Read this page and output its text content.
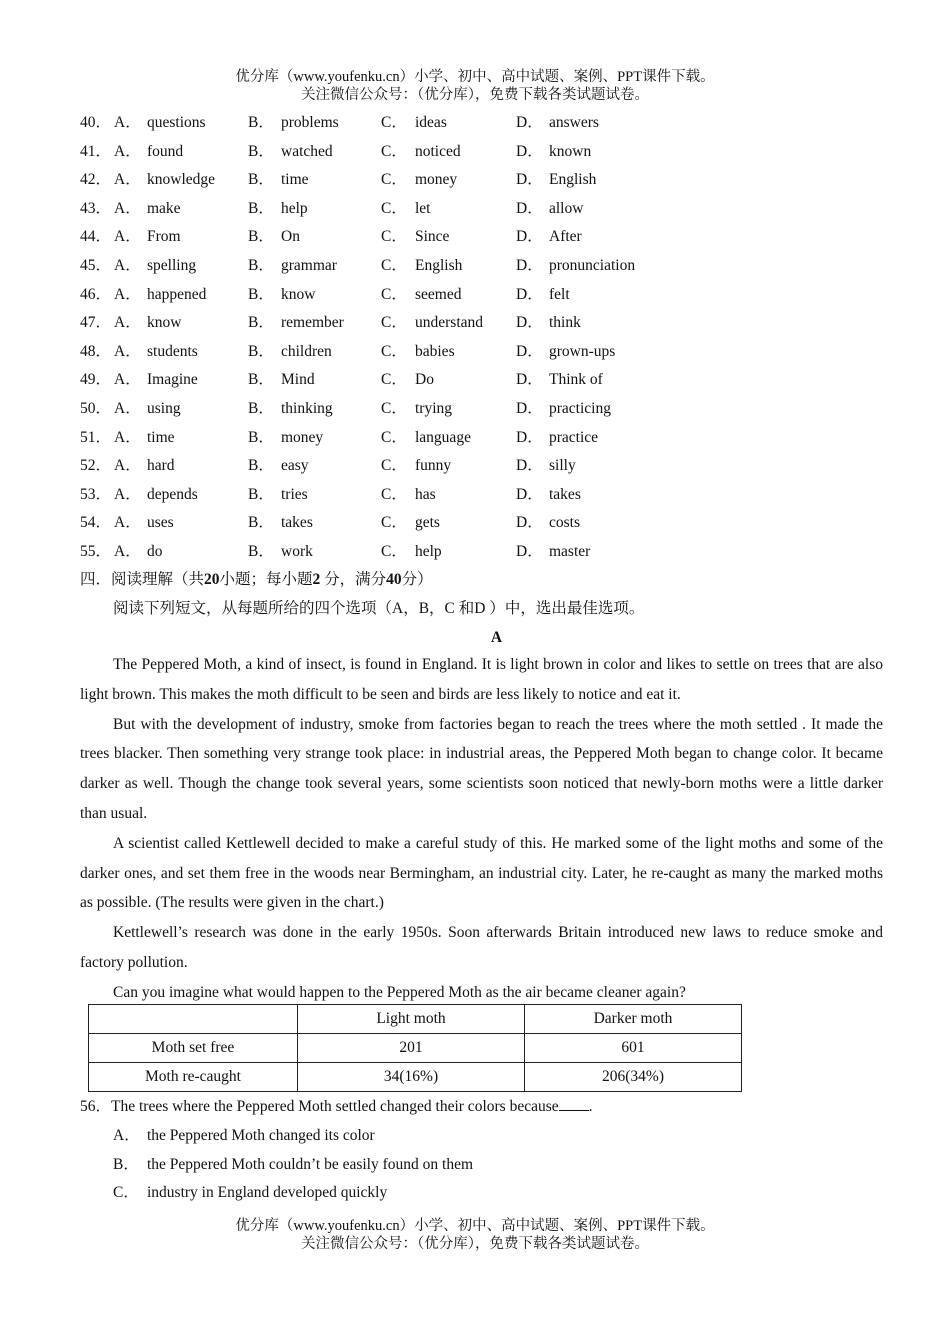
优分库（www.youfenku.cn）小学、初中、高中试题、案例、PPT课件下载。
关注微信公众号：（优分库），免费下载各类试题试卷。
40． A． questions	B． problems	C． ideas	D． answers
41． A． found	B． watched	C． noticed	D． known
42． A． knowledge B． time	C． money	D． English
43． A． make	B． help	C． let	D． allow
44． A． From	B． On	C． Since	D． After
45． A． spelling	B． grammar	C． English	D． pronunciation
46． A． happened	B． know	C． seemed	D． felt
47． A． know	B． remember C． understand D． think
48． A． students	B． children	C． babies	D． grown-ups
49． A． Imagine	B． Mind	C． Do	D． Think of
50． A． using	B． thinking	C． trying	D． practicing
51． A． time	B． money	C． language	D． practice
52． A． hard	B． easy	C． funny	D． silly
53． A． depends	B． tries	C． has	D． takes
54． A． uses	B． takes	C． gets	D． costs
55． A． do	B． work	C． help	D． master
四．阅读理解（共20小题；每小题2 分，满分40分）
阅读下列短文，从每题所给的四个选项（A，B，C 和D ）中，选出最佳选项。
A

The Peppered Moth, a kind of insect, is found in England. It is light brown in color and likes to settle on trees that are also light brown. This makes the moth difficult to be seen and birds are less likely to notice and eat it.

But with the development of industry, smoke from factories began to reach the trees where the moth settled . It made the trees blacker. Then something very strange took place: in industrial areas, the Peppered Moth began to change color. It became darker as well. Though the change took several years, some scientists soon noticed that newly-born moths were a little darker than usual.

A scientist called Kettlewell decided to make a careful study of this. He marked some of the light moths and some of the darker ones, and set them free in the woods near Bermingham, an industrial city. Later, he re-caught as many the marked moths as possible. (The results were given in the chart.)

Kettlewell’s research was done in the early 1950s. Soon afterwards Britain introduced new laws to reduce smoke and factory pollution.

Can you imagine what would happen to the Peppered Moth as the air became cleaner again?

	Light moth	Darker moth
Moth set free	201	601
Moth re-caught	34(16%)	206(34%)
56．The trees where the Peppered Moth settled changed their colors because .
A． the Peppered Moth changed its color
B． the Peppered Moth couldn’t be easily found on them
C． industry in England developed quickly
优分库（www.youfenku.cn）小学、初中、高中试题、案例、PPT课件下载。
关注微信公众号：（优分库），免费下载各类试题试卷。
